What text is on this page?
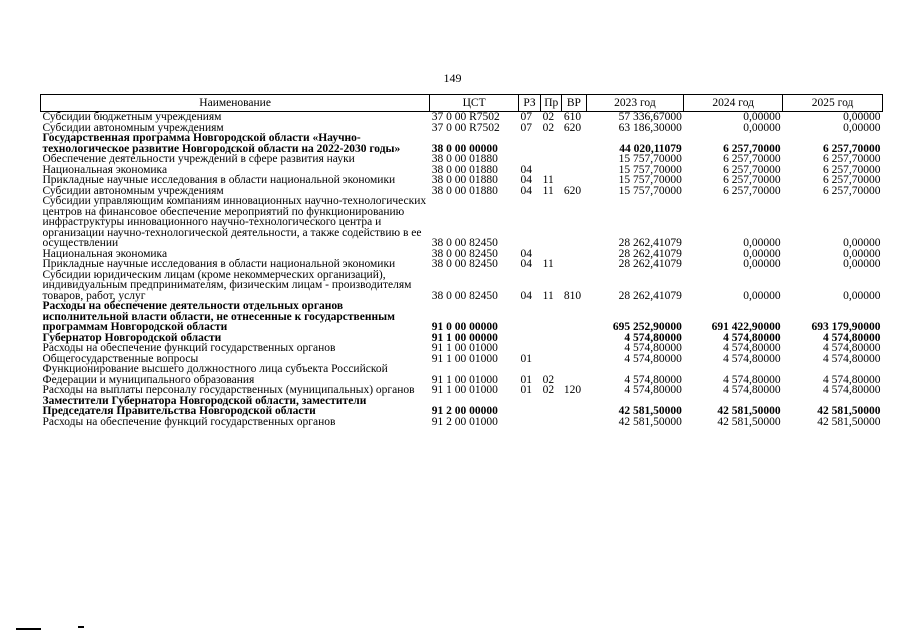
149
Наименование	ЦСТ	РЗ	Пр	ВР	2023 год	2024 год	2025 год
Субсидии бюджетным учреждениям	37 0 00 R7502	07	02	610	57 336,67000	0,00000	0,00000
Субсидии автономным учреждениям	37 0 00 R7502	07	02	620	63 186,30000	0,00000	0,00000
Государственная программа Новгородской области «Научно-технологическое развитие Новгородской области на 2022-2030 годы»	38 0 00 00000				44 020,11079	6 257,70000	6 257,70000
Обеспечение деятельности учреждений в сфере развития науки	38 0 00 01880				15 757,70000	6 257,70000	6 257,70000
Национальная экономика	38 0 00 01880	04			15 757,70000	6 257,70000	6 257,70000
Прикладные научные исследования в области национальной экономики	38 0 00 01880	04	11		15 757,70000	6 257,70000	6 257,70000
Субсидии автономным учреждениям	38 0 00 01880	04	11	620	15 757,70000	6 257,70000	6 257,70000
Субсидии управляющим компаниям инновационных научно-технологических центров на финансовое обеспечение мероприятий по функционированию инфраструктуры инновационного научно-технологического центра и организации научно-технологической деятельности, а также содействию в ее осуществлении	38 0 00 82450				28 262,41079	0,00000	0,00000
Национальная экономика	38 0 00 82450	04			28 262,41079	0,00000	0,00000
Прикладные научные исследования в области национальной экономики	38 0 00 82450	04	11		28 262,41079	0,00000	0,00000
Субсидии юридическим лицам (кроме некоммерческих организаций), индивидуальным предпринимателям, физическим лицам - производителям товаров, работ, услуг	38 0 00 82450	04	11	810	28 262,41079	0,00000	0,00000
Расходы на обеспечение деятельности отдельных органов исполнительной власти области, не отнесенные к государственным программам Новгородской области	91 0 00 00000				695 252,90000	691 422,90000	693 179,90000
Губернатор Новгородской области	91 1 00 00000				4 574,80000	4 574,80000	4 574,80000
Расходы на обеспечение функций государственных органов	91 1 00 01000				4 574,80000	4 574,80000	4 574,80000
Общегосударственные вопросы	91 1 00 01000	01			4 574,80000	4 574,80000	4 574,80000
Функционирование высшего должностного лица субъекта Российской Федерации и муниципального образования	91 1 00 01000	01	02		4 574,80000	4 574,80000	4 574,80000
Расходы на выплаты персоналу государственных (муниципальных) органов	91 1 00 01000	01	02	120	4 574,80000	4 574,80000	4 574,80000
Заместители Губернатора Новгородской области, заместители Председателя Правительства Новгородской области	91 2 00 00000				42 581,50000	42 581,50000	42 581,50000
Расходы на обеспечение функций государственных органов	91 2 00 01000				42 581,50000	42 581,50000	42 581,50000
